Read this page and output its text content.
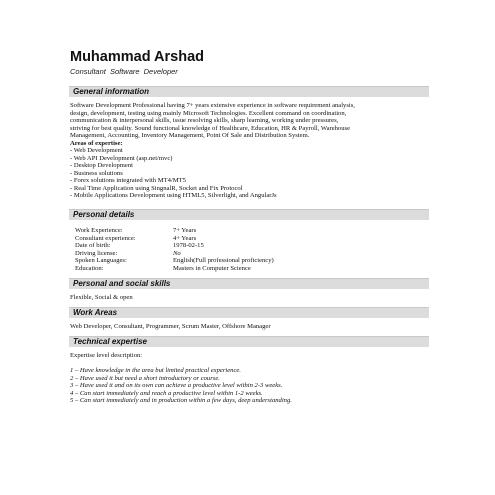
Muhammad Arshad
Consultant Software Developer
General information
Software Development Professional having 7+ years extensive experience in software requirement analysis,
design, development, testing using mainly Microsoft Technologies. Excellent command on coordination,
communication & interpersonal skills, issue resolving skills, sharp learning, working under pressures,
striving for best quality. Sound functional knowledge of Healthcare, Education, HR & Payroll, Warehouse
Management, Accounting, Inventory Management, Point Of Sale and Distribution System.
Areas of expertise:
- Web Development
- Web API Development (asp.net/mvc)
- Desktop Development
- Business solutions
- Forex solutions integrated with MT4/MT5
- Real Time Application using SingnalR, Socket and Fix Protocol
- Mobile Applications Development using HTML5, Silverlight, and AngularJs
Personal details
Work Experience:	7+ Years
Consultant experience:	4+ Years
Date of birth:	1978-02-15
Driving license:	No
Spoken Languages:	English(Full professional proficiency)
Education:	Masters in Computer Science
Personal and social skills
Flexible, Social & open
Work Areas
Web Developer, Consultant, Programmer, Scrum Master, Offshore Manager
Technical expertise
Expertise level description:
1 – Have knowledge in the area but limited practical experience.
2 – Have used it but need a short introductory or course.
3 – Have used it and on its own can achieve a productive level within 2-3 weeks.
4 – Can start immediately and reach a productive level within 1-2 weeks.
5 – Can start immediately and in production within a few days, deep understanding.
